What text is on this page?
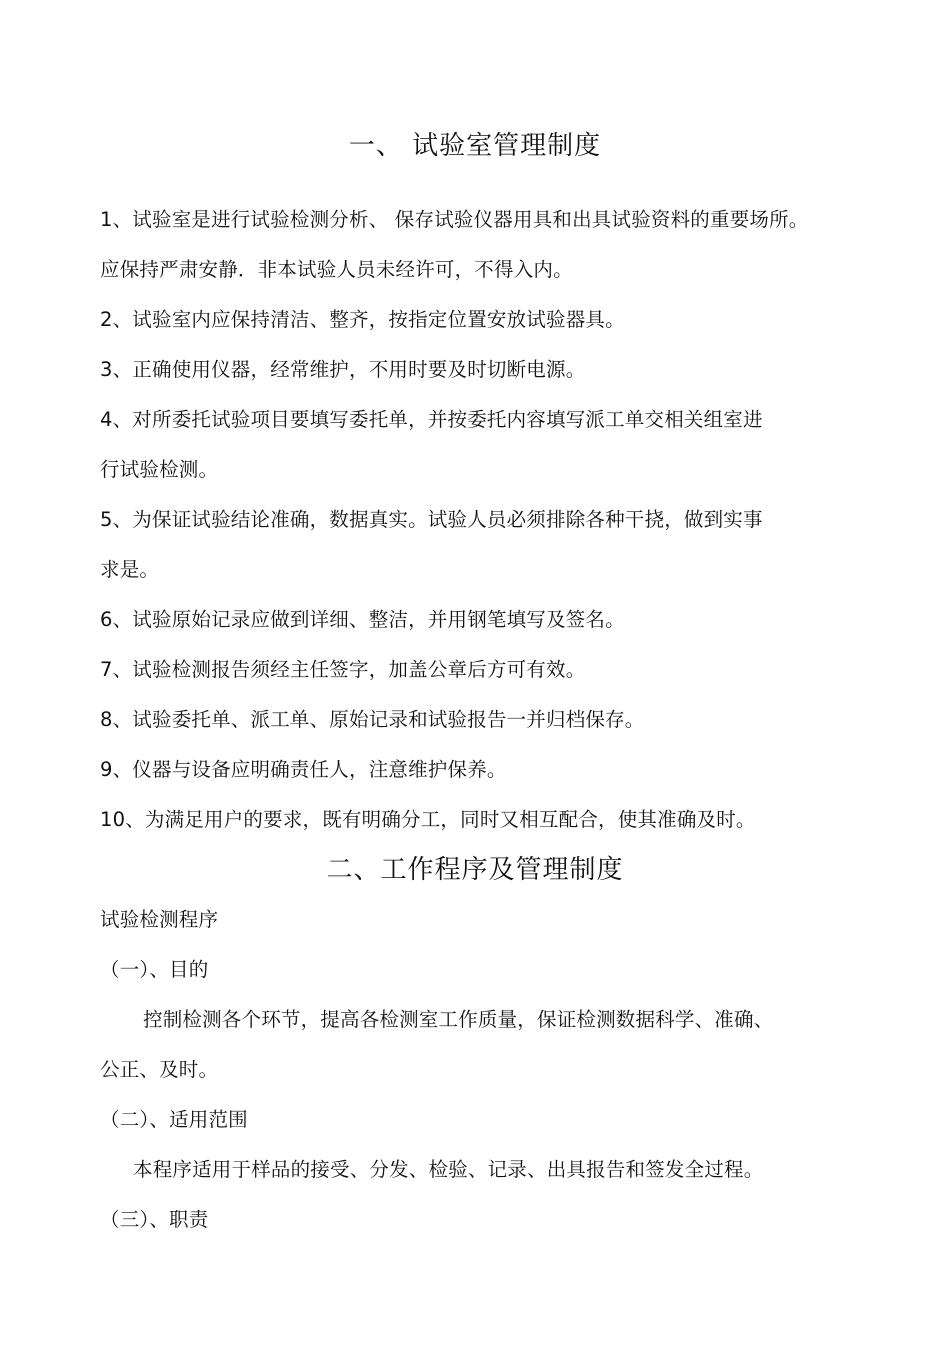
一、 试验室管理制度
1、试验室是进行试验检测分析、 保存试验仪器用具和出具试验资料的重要场所。
应保持严肃安静．非本试验人员未经许可，不得入内。
2、试验室内应保持清洁、整齐，按指定位置安放试验器具。
3、正确使用仪器，经常维护，不用时要及时切断电源。
4、对所委托试验项目要填写委托单，并按委托内容填写派工单交相关组室进
行试验检测。
5、为保证试验结论准确，数据真实。试验人员必须排除各种干挠，做到实事
求是。
6、试验原始记录应做到详细、整洁，并用钢笔填写及签名。
7、试验检测报告须经主任签字，加盖公章后方可有效。
8、试验委托单、派工单、原始记录和试验报告一并归档保存。
9、仪器与设备应明确责任人，注意维护保养。
10、为满足用户的要求，既有明确分工，同时又相互配合，使其准确及时。
二、工作程序及管理制度
试验检测程序
（一）、目的
控制检测各个环节，提高各检测室工作质量，保证检测数据科学、准确、
公正、及时。
（二）、适用范围
本程序适用于样品的接受、分发、检验、记录、出具报告和签发全过程。
（三）、职责
